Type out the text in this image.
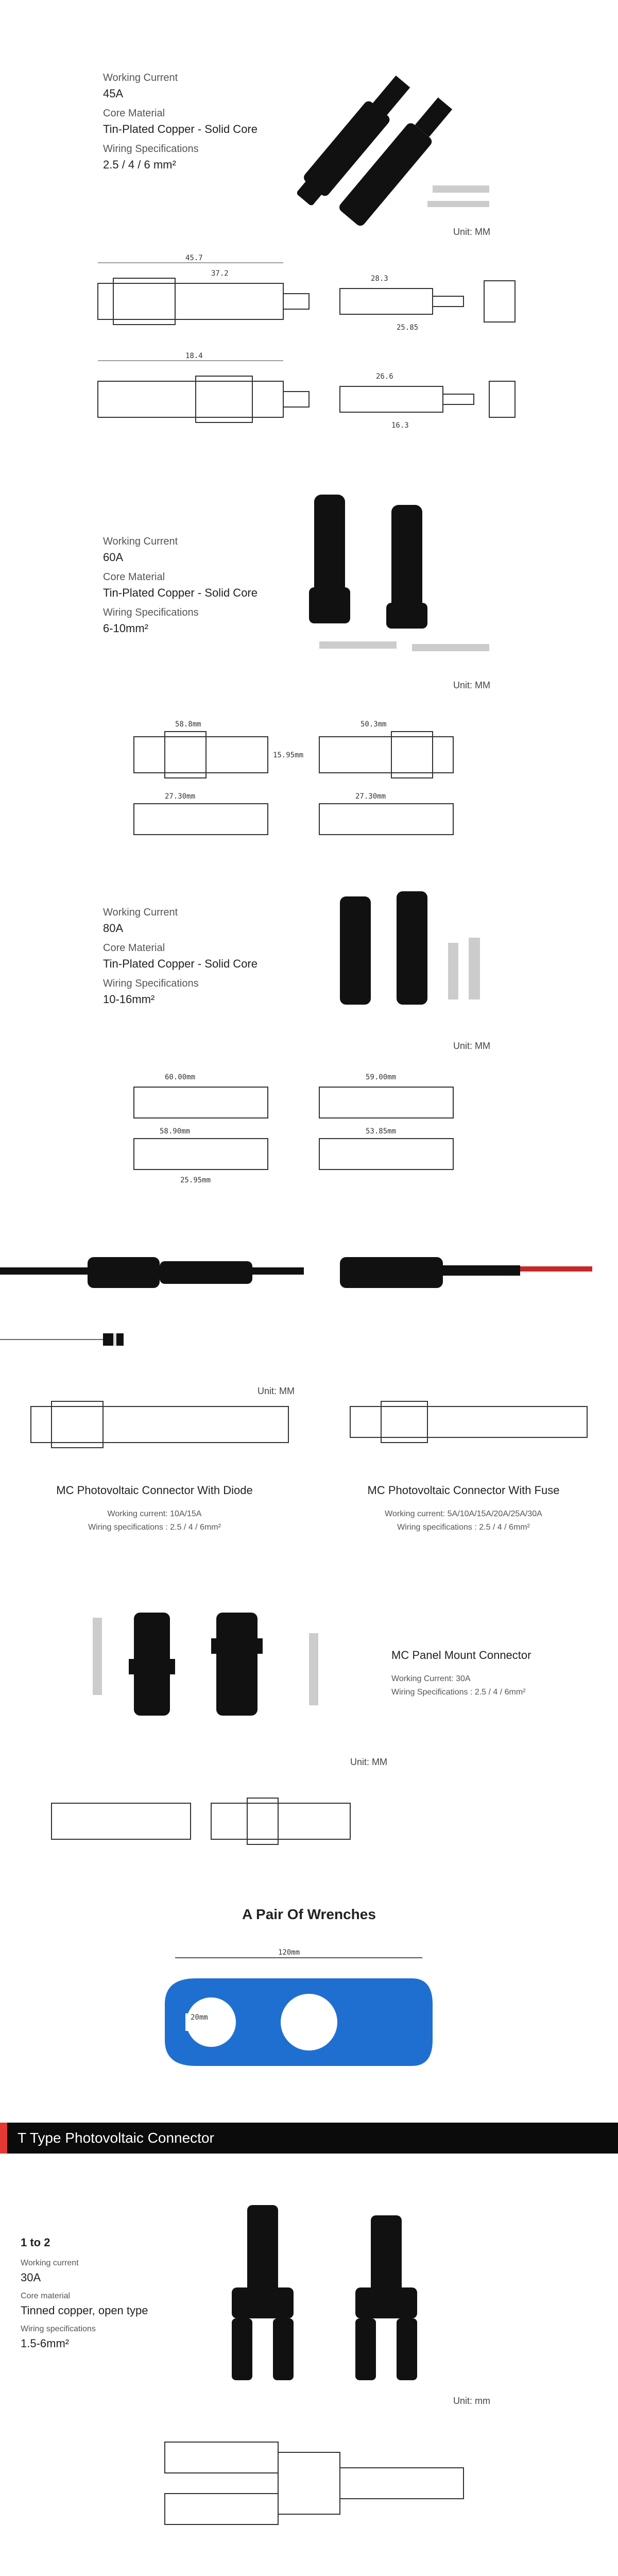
Working Current
45A
Core Material
Tin-Plated Copper - Solid Core
Wiring Specifications
2.5 / 4 / 6 mm²
Unit: MM
45.7
37.2
28.3
25.85
18.4
26.6
16.3
Working Current
60A
Core Material
Tin-Plated Copper - Solid Core
Wiring Specifications
6-10mm²
Unit: MM
58.8mm
15.95mm
50.3mm
27.30mm	27.30mm
Working Current
80A
Core Material
Tin-Plated Copper - Solid Core
Wiring Specifications
10-16mm²
Unit: MM
60.00mm	59.00mm
58.90mm	53.85mm
25.95mm
Unit: MM
MC Photovoltaic Connector With Diode
Working current: 10A/15A
Wiring specifications : 2.5 / 4 / 6mm²
MC Photovoltaic Connector With Fuse
Working current: 5A/10A/15A/20A/25A/30A
Wiring specifications : 2.5 / 4 / 6mm²
MC Panel Mount Connector
Working Current: 30A
Wiring Specifications : 2.5 / 4 / 6mm²
Unit: MM
A Pair Of Wrenches
120mm
20mm
T Type Photovoltaic Connector
1 to 2
Working current
30A
Core material
Tinned copper, open type
Wiring specifications
1.5-6mm²
Unit: mm
